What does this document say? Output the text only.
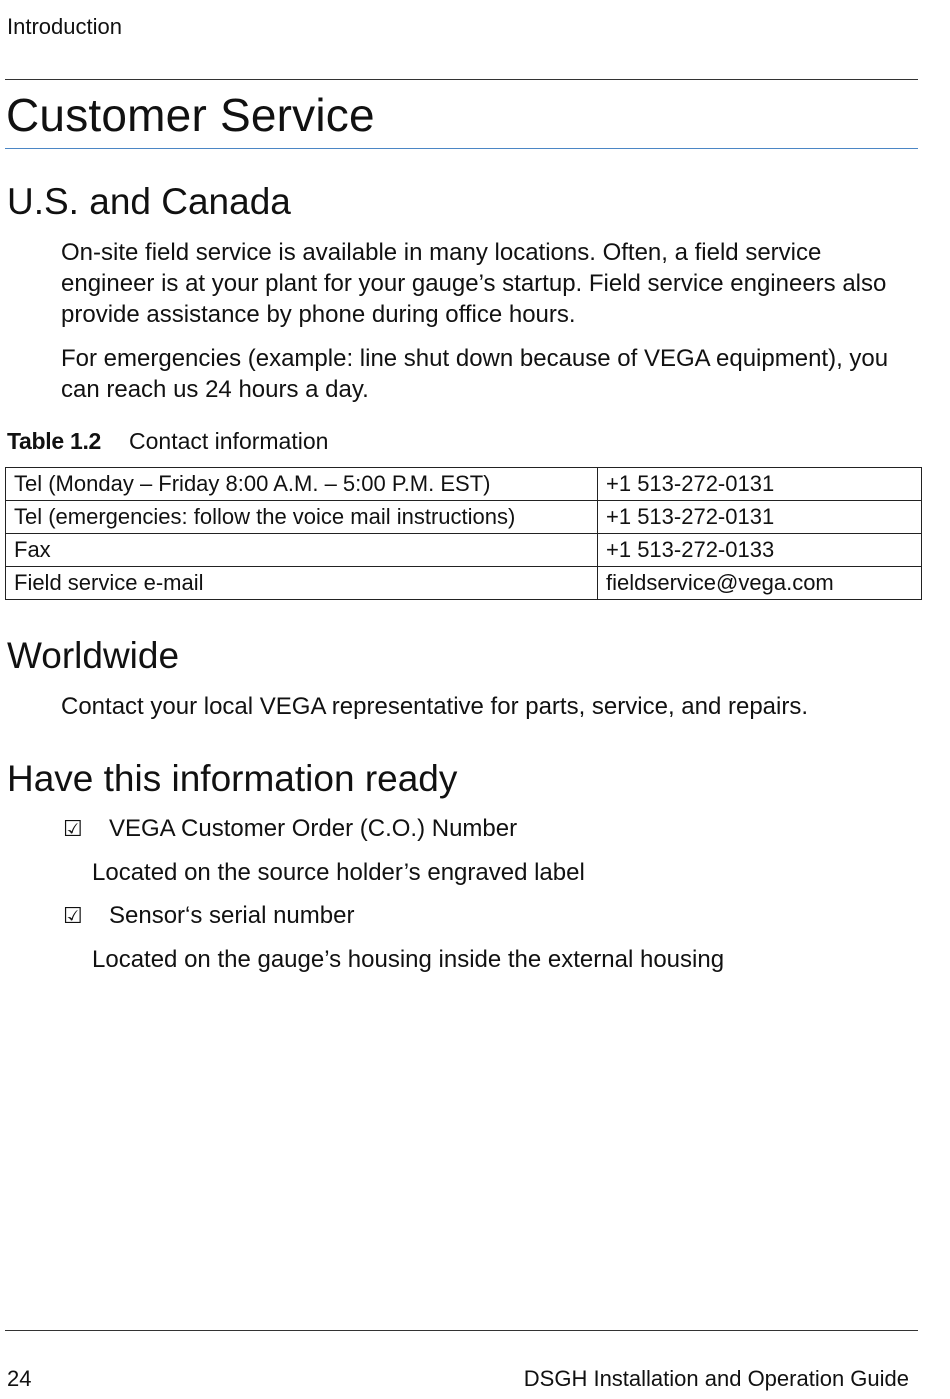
Introduction
Customer Service
U.S. and Canada

On-site field service is available in many locations. Often, a field service engineer is at your plant for your gauge’s startup. Field service engineers also provide assistance by phone during office hours.

For emergencies (example: line shut down because of VEGA equipment), you can reach us 24 hours a day.

Table 1.2 Contact information
Tel (Monday – Friday 8:00 A.M. – 5:00 P.M. EST)	+1 513-272-0131
Tel (emergencies: follow the voice mail instructions)	+1 513-272-0131
Fax	+1 513-272-0133
Field service e-mail	fieldservice@vega.com
Worldwide

Contact your local VEGA representative for parts, service, and repairs.

Have this information ready
☑ VEGA Customer Order (C.O.) Number
Located on the source holder’s engraved label
☑ Sensor‘s serial number
Located on the gauge’s housing inside the external housing
24	DSGH Installation and Operation Guide
